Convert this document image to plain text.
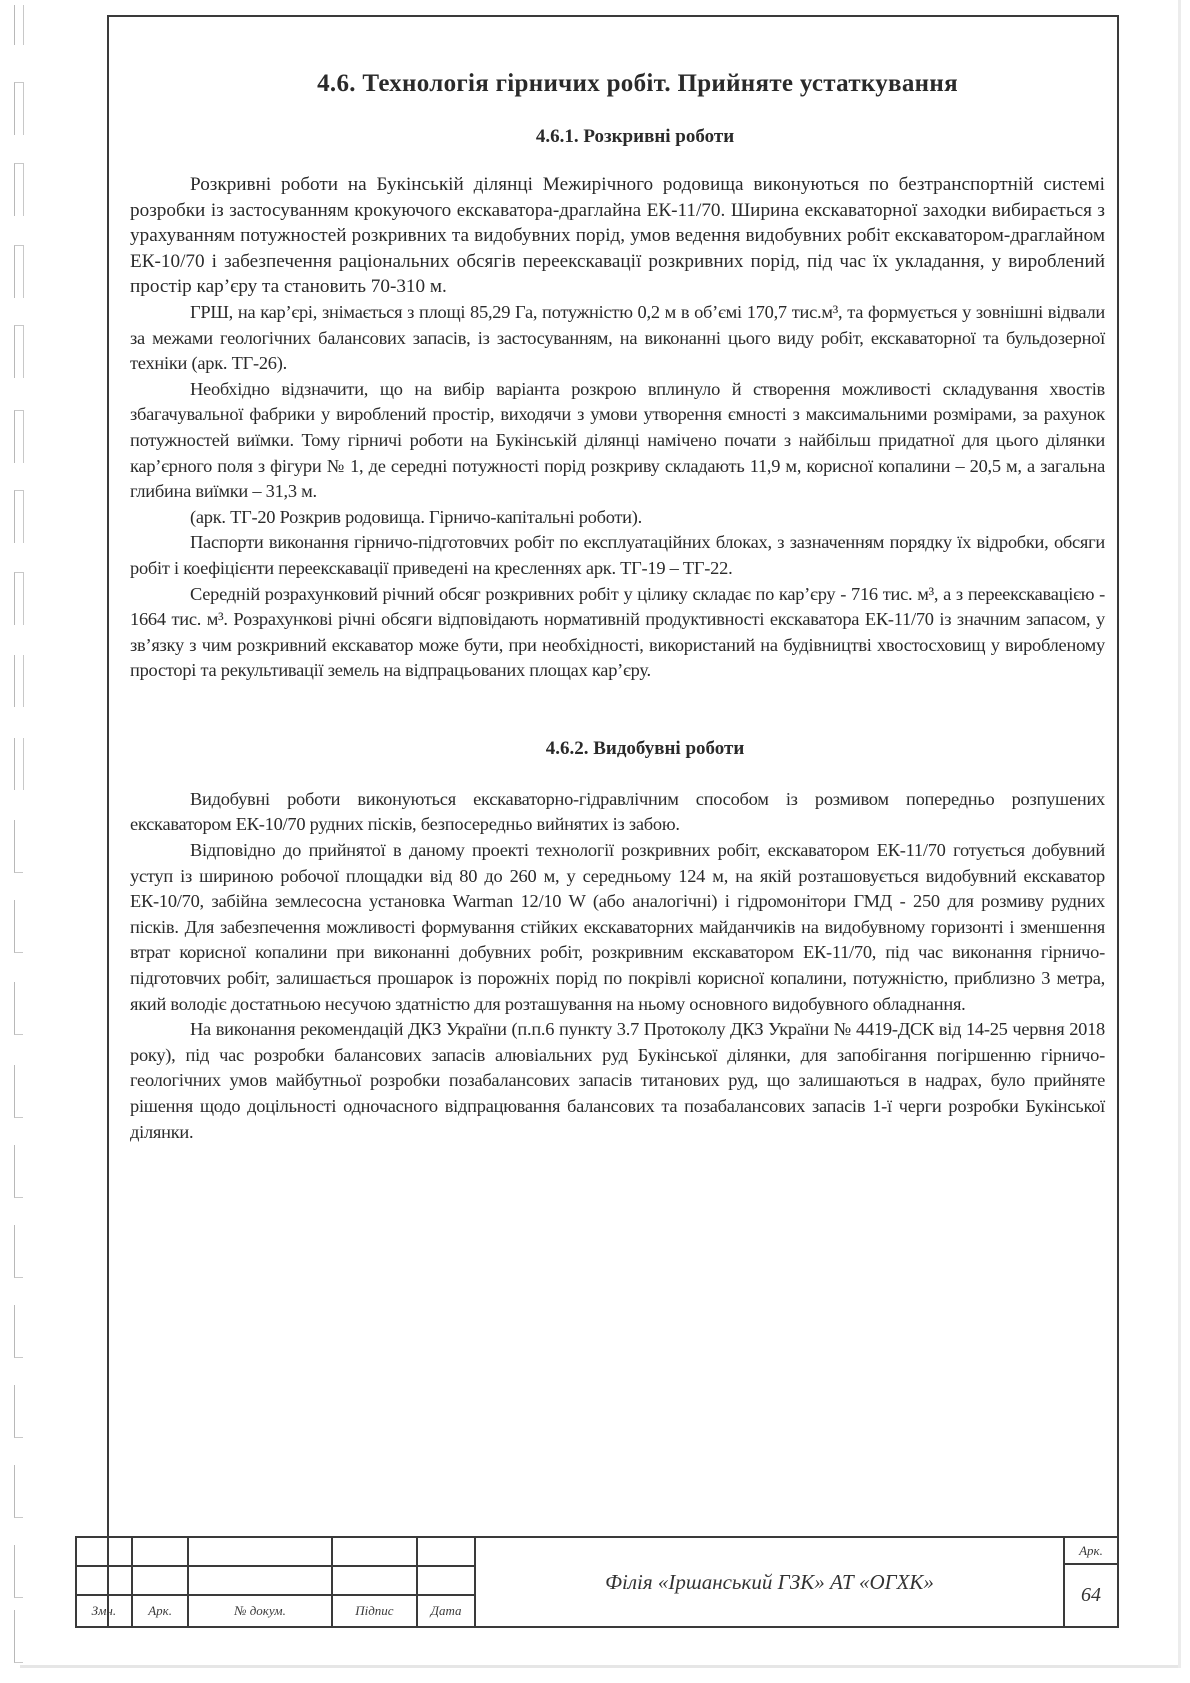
4.6. Технологія гірничих робіт. Прийняте устаткування
4.6.1. Розкривні роботи

Розкривні роботи на Букінській ділянці Межирічного родовища виконуються по безтранспортній системі розробки із застосуванням крокуючого екскаватора-драглайна ЕК-11/70. Ширина екскаваторної заходки вибирається з урахуванням потужностей розкривних та видобувних порід, умов ведення видобувних робіт екскаватором-драглайном ЕК-10/70 і забезпечення раціональних обсягів переекскавації розкривних порід, під час їх укладання, у вироблений простір кар’єру та становить 70-310 м.

ГРШ, на кар’єрі, знімається з площі 85,29 Га, потужністю 0,2 м в об’ємі 170,7 тис.м³, та формується у зовнішні відвали за межами геологічних балансових запасів, із застосуванням, на виконанні цього виду робіт, екскаваторної та бульдозерної техніки (арк. ТГ-26).

Необхідно відзначити, що на вибір варіанта розкрою вплинуло й створення можливості складування хвостів збагачувальної фабрики у вироблений простір, виходячи з умови утворення ємності з максимальними розмірами, за рахунок потужностей виїмки. Тому гірничі роботи на Букінській ділянці намічено почати з найбільш придатної для цього ділянки кар’єрного поля з фігури № 1, де середні потужності порід розкриву складають 11,9 м, корисної копалини – 20,5 м, а загальна глибина виїмки – 31,3 м.

(арк. ТГ-20 Розкрив родовища. Гірничо-капітальні роботи).

Паспорти виконання гірничо-підготовчих робіт по експлуатаційних блоках, з зазначенням порядку їх відробки, обсяги робіт і коефіцієнти переекскавації приведені на кресленнях арк. ТГ-19 – ТГ-22.

Середній розрахунковий річний обсяг розкривних робіт у цілику складає по кар’єру - 716 тис. м³, а з переекскавацією - 1664 тис. м³. Розрахункові річні обсяги відповідають нормативній продуктивності екскаватора ЕК-11/70 із значним запасом, у зв’язку з чим розкривний екскаватор може бути, при необхідності, використаний на будівництві хвостосховищ у виробленому просторі та рекультивації земель на відпрацьованих площах кар’єру.

4.6.2. Видобувні роботи

Видобувні роботи виконуються екскаваторно-гідравлічним способом із розмивом попередньо розпушених екскаватором ЕК-10/70 рудних пісків, безпосередньо вийнятих із забою.

Відповідно до прийнятої в даному проекті технології розкривних робіт, екскаватором ЕК-11/70 готується добувний уступ із шириною робочої площадки від 80 до 260 м, у середньому 124 м, на якій розташовується видобувний екскаватор ЕК-10/70, забійна землесосна установка Warman 12/10 W (або аналогічні) і гідромонітори ГМД - 250 для розмиву рудних пісків. Для забезпечення можливості формування стійких екскаваторних майданчиків на видобувному горизонті і зменшення втрат корисної копалини при виконанні добувних робіт, розкривним екскаватором ЕК-11/70, під час виконання гірничо-підготовчих робіт, залишається прошарок із порожніх порід по покрівлі корисної копалини, потужністю, приблизно 3 метра, який володіє достатньою несучою здатністю для розташування на ньому основного видобувного обладнання.

На виконання рекомендацій ДКЗ України (п.п.6 пункту 3.7 Протоколу ДКЗ України № 4419-ДСК від 14-25 червня 2018 року), під час розробки балансових запасів алювіальних руд Букінської ділянки, для запобігання погіршенню гірничо-геологічних умов майбутньої розробки позабалансових запасів титанових руд, що залишаються в надрах, було прийняте рішення щодо доцільності одночасного відпрацювання балансових та позабалансових запасів 1-ї черги розробки Букінської ділянки.

Змн.	Арк.	№ докум.	Підпис	Дата
Філія «Іршанський ГЗК» АТ «ОГХК»
Арк.
64
